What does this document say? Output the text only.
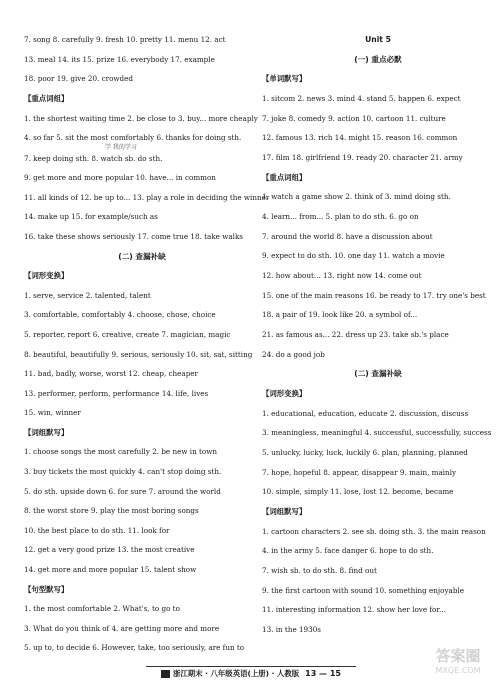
7. song 8. carefully 9. fresh 10. pretty 11. menu 12. act
13. meal 14. its 15. prize 16. everybody 17. example
18. poor 19. give 20. crowded
【重点词组】
1. the shortest waiting time 2. be close to 3. buy... more cheaply
4. so far 5. sit the most comfortably 6. thanks for doing sth.
学 我的学习
7. keep doing sth. 8. watch sb. do sth.
9. get more and more popular 10. have... in common
11. all kinds of 12. be up to... 13. play a role in deciding the winner
14. make up 15. for example/such as
16. take these shows seriously 17. come true 18. take walks
(二) 查漏补缺
【词形变换】
1. serve, service 2. talented, talent
3. comfortable, comfortably 4. choose, chose, choice
5. reporter, report 6. creative, create 7. magician, magic
8. beautiful, beautifully 9. serious, seriously 10. sit, sat, sitting
11. bad, badly, worse, worst 12. cheap, cheaper
13. performer, perform, performance 14. life, lives
15. win, winner
【词组默写】
1. choose songs the most carefully 2. be new in town
3. buy tickets the most quickly 4. can't stop doing sth.
5. do sth. upside down 6. for sure 7. around the world
8. the worst store 9. play the most boring songs
10. the best place to do sth. 11. look for
12. get a very good prize 13. the most creative
14. get more and more popular 15. talent show
【句型默写】
1. the most comfortable 2. What's, to go to
3. What do you think of 4. are getting more and more
5. up to, to decide 6. However, take, too seriously, are fun to
Unit 5
(一) 重点必默
【单词默写】
1. sitcom 2. news 3. mind 4. stand 5. happen 6. expect
7. joke 8. comedy 9. action 10. cartoon 11. culture
12. famous 13. rich 14. might 15. reason 16. common
17. film 18. girlfriend 19. ready 20. character 21. army
【重点词组】
1. watch a game show 2. think of 3. mind doing sth.
4. learn... from... 5. plan to do sth. 6. go on
7. around the world 8. have a discussion about
9. expect to do sth. 10. one day 11. watch a movie
12. how about... 13. right now 14. come out
15. one of the main reasons 16. be ready to 17. try one's best
18. a pair of 19. look like 20. a symbol of...
21. as famous as... 22. dress up 23. take sb.'s place
24. do a good job
(二) 查漏补缺
【词形变换】
1. educational, education, educate 2. discussion, discuss
3. meaningless, meaningful 4. successful, successfully, success
5. unlucky, lucky, luck, luckily 6. plan, planning, planned
7. hope, hopeful 8. appear, disappear 9. main, mainly
10. simple, simply 11. lose, lost 12. become, became
【词组默写】
1. cartoon characters 2. see sb. doing sth. 3. the main reason
4. in the army 5. face danger 6. hope to do sth.
7. wish sb. to do sth. 8. find out
9. the first cartoon with sound 10. something enjoyable
11. interesting information 12. show her love for...
13. in the 1930s
浙江期末 · 八年级英语(上册) · 人教版 13 — 15
答案圈
MXQE.COM
